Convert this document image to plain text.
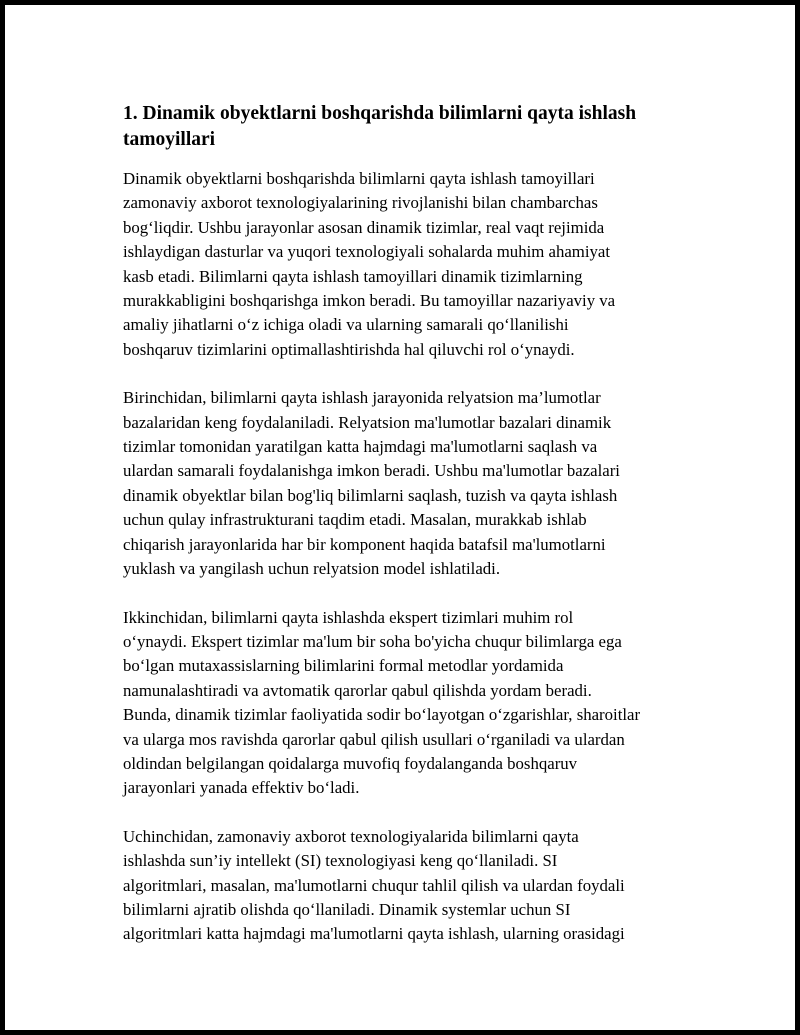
1. Dinamik obyektlarni boshqarishda bilimlarni qayta ishlash tamoyillari

Dinamik obyektlarni boshqarishda bilimlarni qayta ishlash tamoyillari
zamonaviy axborot texnologiyalarining rivojlanishi bilan chambarchas
bog‘liqdir. Ushbu jarayonlar asosan dinamik tizimlar, real vaqt rejimida
ishlaydigan dasturlar va yuqori texnologiyali sohalarda muhim ahamiyat
kasb etadi. Bilimlarni qayta ishlash tamoyillari dinamik tizimlarning
murakkabligini boshqarishga imkon beradi. Bu tamoyillar nazariyaviy va
amaliy jihatlarni o‘z ichiga oladi va ularning samarali qo‘llanilishi
boshqaruv tizimlarini optimallashtirishda hal qiluvchi rol o‘ynaydi.

Birinchidan, bilimlarni qayta ishlash jarayonida relyatsion ma’lumotlar
bazalaridan keng foydalaniladi. Relyatsion ma'lumotlar bazalari dinamik
tizimlar tomonidan yaratilgan katta hajmdagi ma'lumotlarni saqlash va
ulardan samarali foydalanishga imkon beradi. Ushbu ma'lumotlar bazalari
dinamik obyektlar bilan bog'liq bilimlarni saqlash, tuzish va qayta ishlash
uchun qulay infrastrukturani taqdim etadi. Masalan, murakkab ishlab
chiqarish jarayonlarida har bir komponent haqida batafsil ma'lumotlarni
yuklash va yangilash uchun relyatsion model ishlatiladi.

Ikkinchidan, bilimlarni qayta ishlashda ekspert tizimlari muhim rol
o‘ynaydi. Ekspert tizimlar ma'lum bir soha bo'yicha chuqur bilimlarga ega
bo‘lgan mutaxassislarning bilimlarini formal metodlar yordamida
namunalashtiradi va avtomatik qarorlar qabul qilishda yordam beradi.
Bunda, dinamik tizimlar faoliyatida sodir bo‘layotgan o‘zgarishlar, sharoitlar
va ularga mos ravishda qarorlar qabul qilish usullari o‘rganiladi va ulardan
oldindan belgilangan qoidalarga muvofiq foydalanganda boshqaruv
jarayonlari yanada effektiv bo‘ladi.

Uchinchidan, zamonaviy axborot texnologiyalarida bilimlarni qayta
ishlashda sun’iy intellekt (SI) texnologiyasi keng qo‘llaniladi. SI
algoritmlari, masalan, ma'lumotlarni chuqur tahlil qilish va ulardan foydali
bilimlarni ajratib olishda qo‘llaniladi. Dinamik systemlar uchun SI
algoritmlari katta hajmdagi ma'lumotlarni qayta ishlash, ularning orasidagi
